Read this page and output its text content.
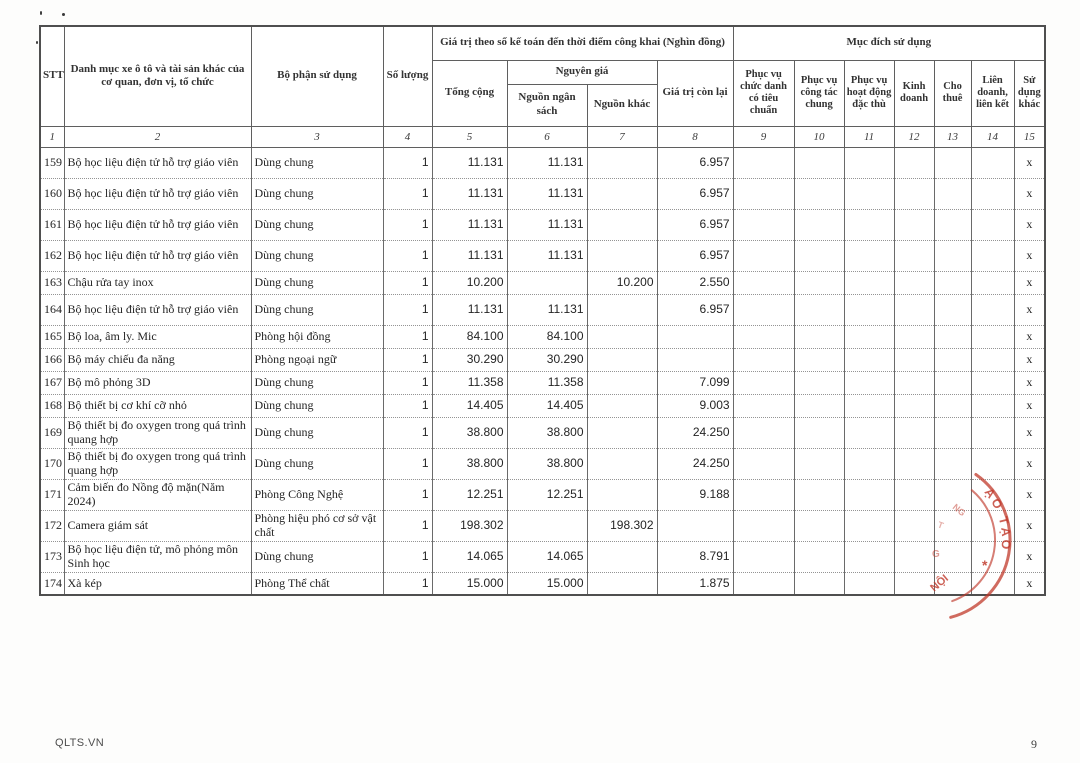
STT	Danh mục xe ô tô và tài sản khác của cơ quan, đơn vị, tổ chức	Bộ phận sử dụng	Số lượng	Giá trị theo sổ kế toán đến thời điểm công khai (Nghìn đồng)				Mục đích sử dụng						
				Tổng cộng	Nguyên giá		Giá trị còn lại	Phục vụ chức danh có tiêu chuẩn	Phục vụ công tác chung	Phục vụ hoạt động đặc thù	Kinh doanh	Cho thuê	Liên doanh, liên kết	Sử dụng khác
					Nguồn ngân sách	Nguồn khác								
1	2	3	4	5	6	7	8	9	10	11	12	13	14	15
159	Bộ học liệu điện tử hỗ trợ giáo viên	Dùng chung	1	11.131	11.131		6.957							x
160	Bộ học liệu điện tử hỗ trợ giáo viên	Dùng chung	1	11.131	11.131		6.957							x
161	Bộ học liệu điện tử hỗ trợ giáo viên	Dùng chung	1	11.131	11.131		6.957							x
162	Bộ học liệu điện tử hỗ trợ giáo viên	Dùng chung	1	11.131	11.131		6.957							x
163	Chậu rửa tay inox	Dùng chung	1	10.200		10.200	2.550							x
164	Bộ học liệu điện tử hỗ trợ giáo viên	Dùng chung	1	11.131	11.131		6.957							x
165	Bộ loa, âm ly. Mic	Phòng hội đồng	1	84.100	84.100									x
166	Bộ máy chiếu đa năng	Phòng ngoại ngữ	1	30.290	30.290									x
167	Bộ mô phỏng 3D	Dùng chung	1	11.358	11.358		7.099							x
168	Bộ thiết bị cơ khí cỡ nhỏ	Dùng chung	1	14.405	14.405		9.003							x
169	Bộ thiết bị đo oxygen trong quá trình quang hợp	Dùng chung	1	38.800	38.800		24.250							x
170	Bộ thiết bị đo oxygen trong quá trình quang hợp	Dùng chung	1	38.800	38.800		24.250							x
171	Cảm biến đo Nồng độ mặn(Năm 2024)	Phòng Công Nghệ	1	12.251	12.251		9.188							x
172	Camera giám sát	Phòng hiệu phó cơ sở vật chất	1	198.302		198.302								x
173	Bộ học liệu điện tử, mô phỏng môn Sinh học	Dùng chung	1	14.065	14.065		8.791							x
174	Xà kép	Phòng Thể chất	1	15.000	15.000		1.875							x
ẠO TẠO
NG
T
G
*
NỘI
QLTS.VN	9
